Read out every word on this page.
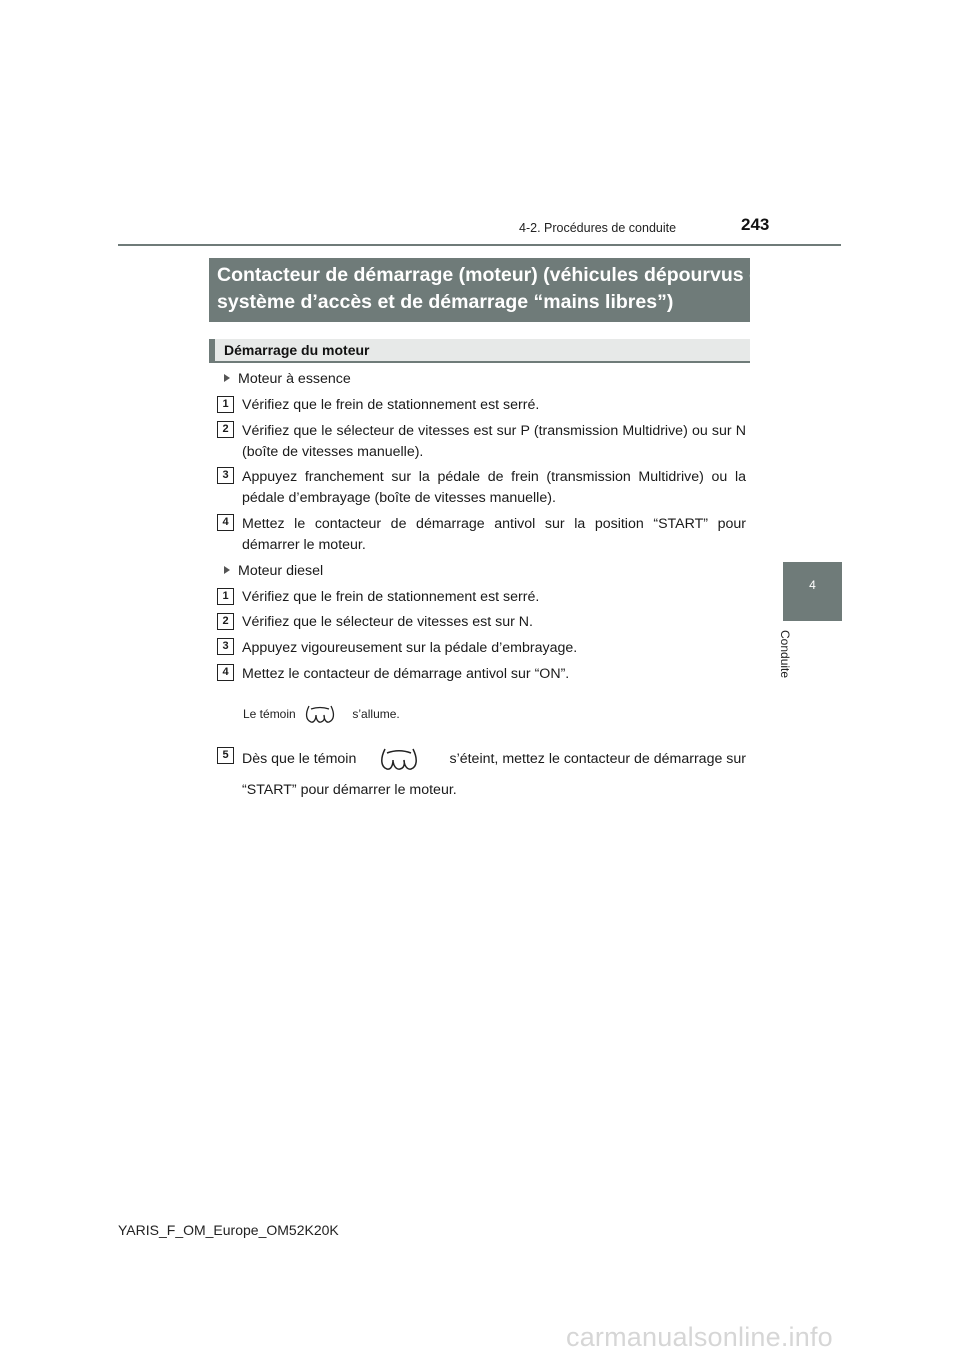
4-2. Procédures de conduite	243
4
Conduite
Contacteur de démarrage (moteur) (véhicules dépourvus de
système d’accès et de démarrage “mains libres”)
Démarrage du moteur
Moteur à essence
1 Vérifiez que le frein de stationnement est serré.
2 Vérifiez que le sélecteur de vitesses est sur P (transmission Multidrive) ou sur N (boîte de vitesses manuelle).
3 Appuyez franchement sur la pédale de frein (transmission Multidrive) ou la pédale d’embrayage (boîte de vitesses manuelle).
4 Mettez le contacteur de démarrage antivol sur la position “START” pour démarrer le moteur.
Moteur diesel
1 Vérifiez que le frein de stationnement est serré.
2 Vérifiez que le sélecteur de vitesses est sur N.
3 Appuyez vigoureusement sur la pédale d’embrayage.
4 Mettez le contacteur de démarrage antivol sur “ON”.
Le témoin	s’allume.
5 Dès que le témoin	s’éteint, mettez le contacteur de démarrage sur
“START” pour démarrer le moteur.
YARIS_F_OM_Europe_OM52K20K
carmanualsonline.info
